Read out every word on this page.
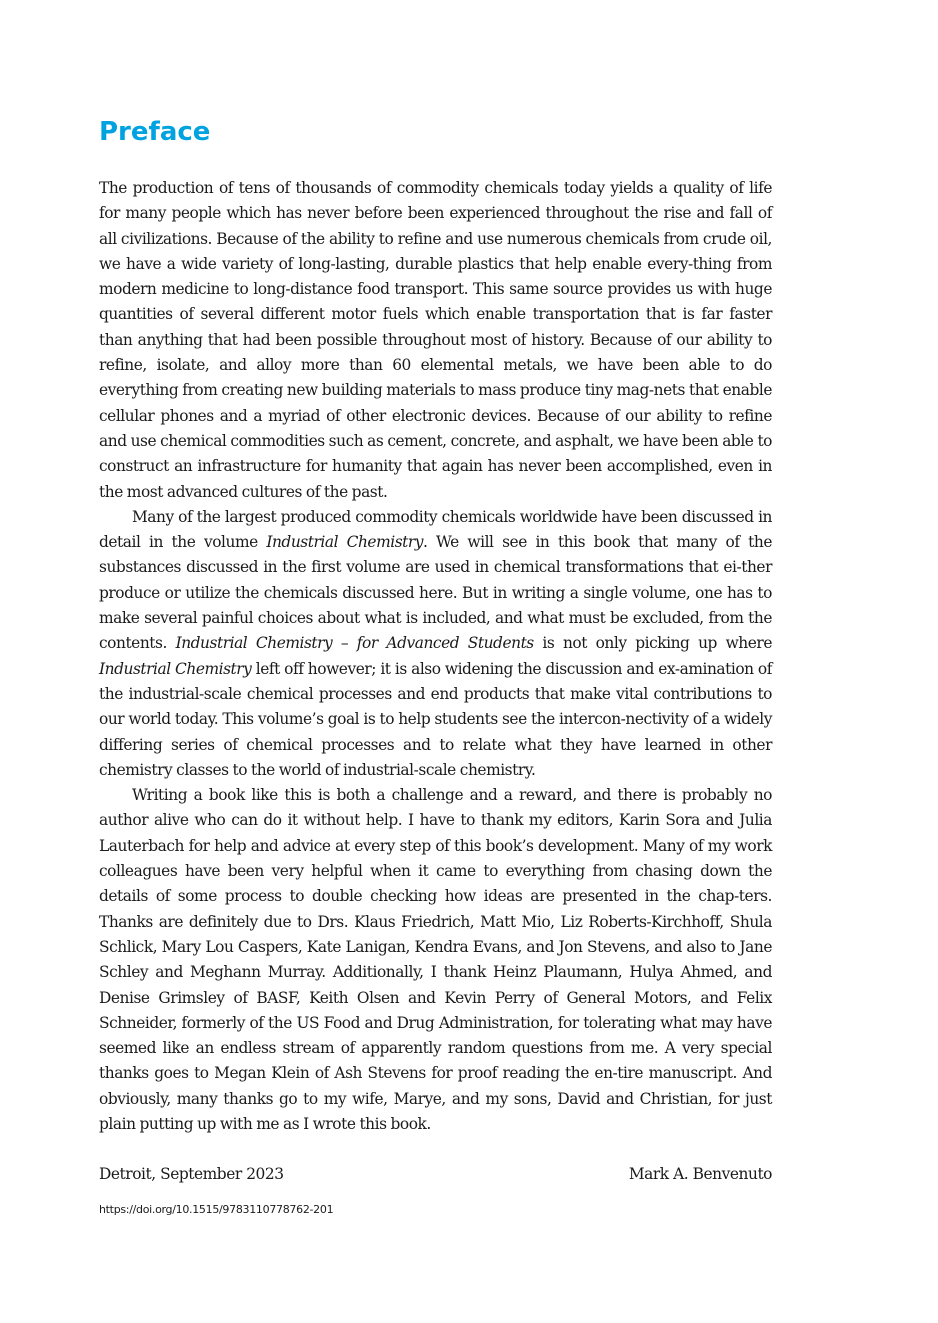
Preface

The production of tens of thousands of commodity chemicals today yields a quality of life for many people which has never before been experienced throughout the rise and fall of all civilizations. Because of the ability to refine and use numerous chemicals from crude oil, we have a wide variety of long-lasting, durable plastics that help enable every-thing from modern medicine to long-distance food transport. This same source provides us with huge quantities of several different motor fuels which enable transportation that is far faster than anything that had been possible throughout most of history. Because of our ability to refine, isolate, and alloy more than 60 elemental metals, we have been able to do everything from creating new building materials to mass produce tiny mag-nets that enable cellular phones and a myriad of other electronic devices. Because of our ability to refine and use chemical commodities such as cement, concrete, and asphalt, we have been able to construct an infrastructure for humanity that again has never been accomplished, even in the most advanced cultures of the past.

Many of the largest produced commodity chemicals worldwide have been discussed in detail in the volume Industrial Chemistry. We will see in this book that many of the substances discussed in the first volume are used in chemical transformations that ei-ther produce or utilize the chemicals discussed here. But in writing a single volume, one has to make several painful choices about what is included, and what must be excluded, from the contents. Industrial Chemistry – for Advanced Students is not only picking up where Industrial Chemistry left off however; it is also widening the discussion and ex-amination of the industrial-scale chemical processes and end products that make vital contributions to our world today. This volume’s goal is to help students see the intercon-nectivity of a widely differing series of chemical processes and to relate what they have learned in other chemistry classes to the world of industrial-scale chemistry.

Writing a book like this is both a challenge and a reward, and there is probably no author alive who can do it without help. I have to thank my editors, Karin Sora and Julia Lauterbach for help and advice at every step of this book’s development. Many of my work colleagues have been very helpful when it came to everything from chasing down the details of some process to double checking how ideas are presented in the chap-ters. Thanks are definitely due to Drs. Klaus Friedrich, Matt Mio, Liz Roberts-Kirchhoff, Shula Schlick, Mary Lou Caspers, Kate Lanigan, Kendra Evans, and Jon Stevens, and also to Jane Schley and Meghann Murray. Additionally, I thank Heinz Plaumann, Hulya Ahmed, and Denise Grimsley of BASF, Keith Olsen and Kevin Perry of General Motors, and Felix Schneider, formerly of the US Food and Drug Administration, for tolerating what may have seemed like an endless stream of apparently random questions from me. A very special thanks goes to Megan Klein of Ash Stevens for proof reading the en-tire manuscript. And obviously, many thanks go to my wife, Marye, and my sons, David and Christian, for just plain putting up with me as I wrote this book.

Detroit, September 2023	Mark A. Benvenuto
https://doi.org/10.1515/9783110778762-201
